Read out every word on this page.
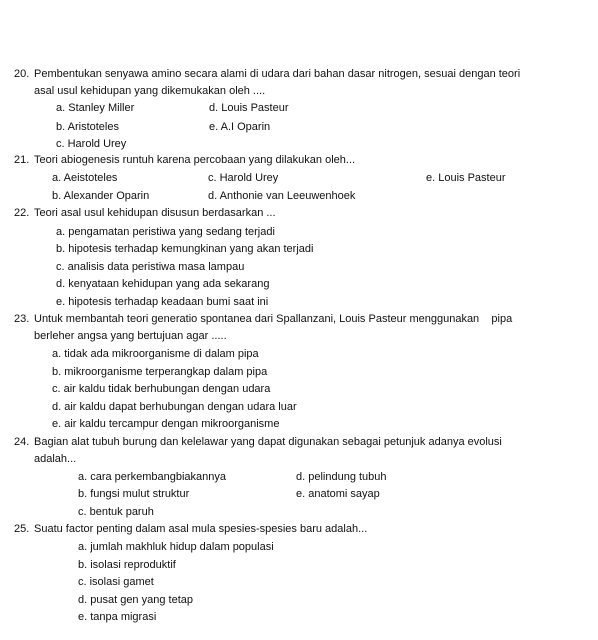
20. Pembentukan senyawa amino secara alami di udara dari bahan dasar nitrogen, sesuai dengan teori
asal usul kehidupan yang dikemukakan oleh ....
a. Stanley Miller	d. Louis Pasteur
b. Aristoteles	e. A.I Oparin
c. Harold Urey
21. Teori abiogenesis runtuh karena percobaan yang dilakukan oleh...
a. Aeistoteles	c. Harold Urey	e. Louis Pasteur
b. Alexander Oparin	d. Anthonie van Leeuwenhoek
22. Teori asal usul kehidupan disusun berdasarkan ...
a. pengamatan peristiwa yang sedang terjadi
b. hipotesis terhadap kemungkinan yang akan terjadi
c. analisis data peristiwa masa lampau
d. kenyataan kehidupan yang ada sekarang
e. hipotesis terhadap keadaan bumi saat ini
23. Untuk membantah teori generatio spontanea dari Spallanzani, Louis Pasteur menggunakan    pipa
berleher angsa yang bertujuan agar .....
a. tidak ada mikroorganisme di dalam pipa
b. mikroorganisme terperangkap dalam pipa
c. air kaldu tidak berhubungan dengan udara
d. air kaldu dapat berhubungan dengan udara luar
e. air kaldu tercampur dengan mikroorganisme
24. Bagian alat tubuh burung dan kelelawar yang dapat digunakan sebagai petunjuk adanya evolusi
adalah...
a. cara perkembangbiakannya	d. pelindung tubuh
b. fungsi mulut struktur	e. anatomi sayap
c. bentuk paruh
25. Suatu factor penting dalam asal mula spesies-spesies baru adalah...
a. jumlah makhluk hidup dalam populasi
b. isolasi reproduktif
c. isolasi gamet
d. pusat gen yang tetap
e. tanpa migrasi
